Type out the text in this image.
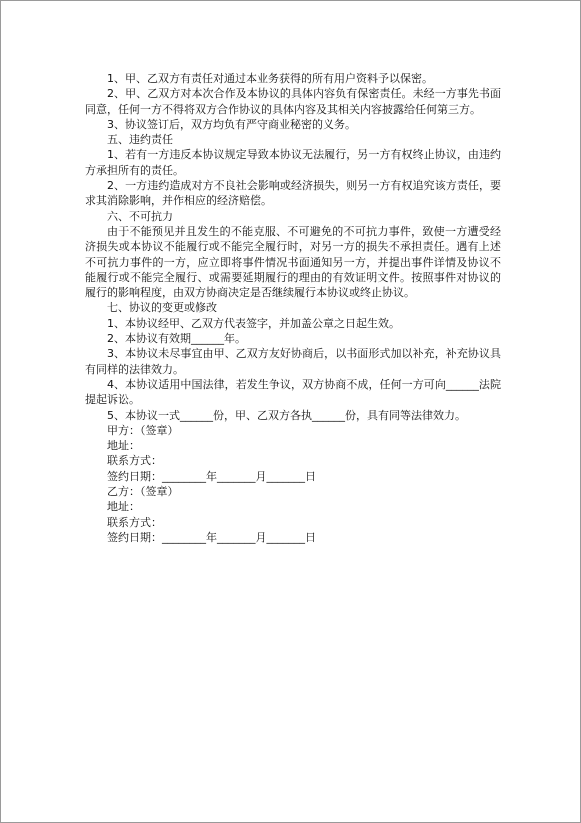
1、甲、乙双方有责任对通过本业务获得的所有用户资料予以保密。

2、甲、乙双方对本次合作及本协议的具体内容负有保密责任。未经一方事先书面同意，任何一方不得将双方合作协议的具体内容及其相关内容披露给任何第三方。

3、协议签订后，双方均负有严守商业秘密的义务。

五、违约责任

1、若有一方违反本协议规定导致本协议无法履行，另一方有权终止协议，由违约方承担所有的责任。

2、一方违约造成对方不良社会影响或经济损失，则另一方有权追究该方责任，要求其消除影响，并作相应的经济赔偿。

六、不可抗力

由于不能预见并且发生的不能克服、不可避免的不可抗力事件，致使一方遭受经济损失或本协议不能履行或不能完全履行时，对另一方的损失不承担责任。遇有上述不可抗力事件的一方，应立即将事件情况书面通知另一方，并提出事件详情及协议不能履行或不能完全履行、或需要延期履行的理由的有效证明文件。按照事件对协议的履行的影响程度，由双方协商决定是否继续履行本协议或终止协议。

七、协议的变更或修改

1、本协议经甲、乙双方代表签字，并加盖公章之日起生效。

2、本协议有效期______年。

3、本协议未尽事宜由甲、乙双方友好协商后，以书面形式加以补充，补充协议具有同样的法律效力。

4、本协议适用中国法律，若发生争议，双方协商不成，任何一方可向______法院提起诉讼。

5、本协议一式______份，甲、乙双方各执______份，具有同等法律效力。

甲方：（签章）

地址：

联系方式：

签约日期：________年_______月_______日

乙方：（签章）

地址：

联系方式：

签约日期：________年_______月_______日
